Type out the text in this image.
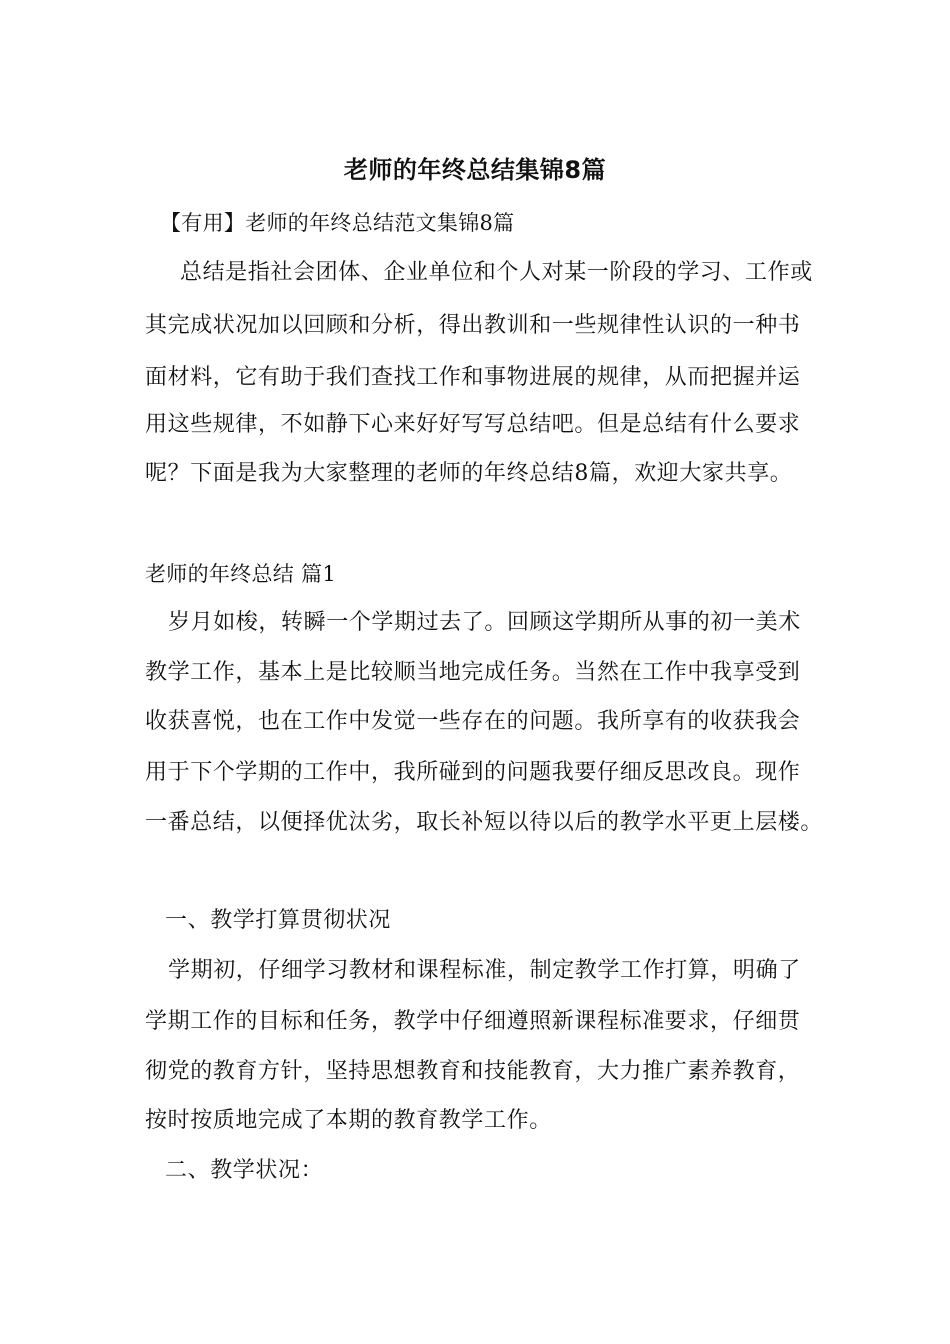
老师的年终总结集锦8篇
【有用】老师的年终总结范文集锦8篇
总结是指社会团体、企业单位和个人对某一阶段的学习、工作或
其完成状况加以回顾和分析，得出教训和一些规律性认识的一种书
面材料，它有助于我们查找工作和事物进展的规律，从而把握并运
用这些规律，不如静下心来好好写写总结吧。但是总结有什么要求
呢？下面是我为大家整理的老师的年终总结8篇，欢迎大家共享。
老师的年终总结 篇1
岁月如梭，转瞬一个学期过去了。回顾这学期所从事的初一美术
教学工作，基本上是比较顺当地完成任务。当然在工作中我享受到
收获喜悦，也在工作中发觉一些存在的问题。我所享有的收获我会
用于下个学期的工作中，我所碰到的问题我要仔细反思改良。现作
一番总结，以便择优汰劣，取长补短以待以后的教学水平更上层楼。
一、教学打算贯彻状况
学期初，仔细学习教材和课程标准，制定教学工作打算，明确了
学期工作的目标和任务，教学中仔细遵照新课程标准要求，仔细贯
彻党的教育方针，坚持思想教育和技能教育，大力推广素养教育，
按时按质地完成了本期的教育教学工作。
二、教学状况：
